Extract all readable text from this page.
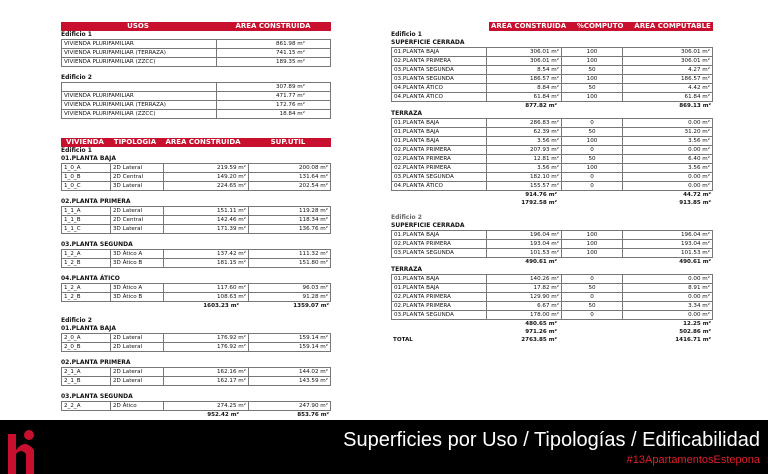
USOS	ÁREA CONSTRUIDA
Edificio 1
VIVIENDA PLURIFAMILIAR	861.98 m²
VIVIENDA PLURIFAMILIAR (TERRAZA)	741.15 m²
VIVIENDA PLURIFAMILIAR (ZZCC)	189.35 m²
Edificio 2
	307.89 m²
VIVIENDA PLURIFAMILIAR	471.77 m²
VIVIENDA PLURIFAMILIAR (TERRAZA)	172.76 m²
VIVIENDA PLURIFAMILIAR (ZZCC)	18.84 m²
VIVIENDA	TIPOLOGIA	ÁREA CONSTRUIDA	SUP.ÚTIL
Edificio 1
01.PLANTA BAJA
1_0_A	2D Lateral	219.59 m²	200.08 m²
1_0_B	2D Central	149.20 m²	131.64 m²
1_0_C	3D Lateral	224.65 m²	202.54 m²
02.PLANTA PRIMERA
1_1_A	2D Lateral	151.11 m²	119.28 m²
1_1_B	2D Central	142.46 m²	118.34 m²
1_1_C	3D Lateral	171.39 m²	136.76 m²
03.PLANTA SEGUNDA
1_2_A	3D Ático A	137.42 m²	111.32 m²
1_2_B	3D Ático B	181.15 m²	151.80 m²
04.PLANTA ÁTICO
1_2_A	3D Ático A	117.60 m²	96.03 m²
1_2_B	3D Ático B	108.63 m²	91.28 m²
	1603.23 m²	1359.07 m²
Edificio 2
01.PLANTA BAJA
2_0_A	2D Lateral	176.92 m²	159.14 m²
2_0_B	2D Lateral	176.92 m²	159.14 m²
02.PLANTA PRIMERA
2_1_A	2D Lateral	162.16 m²	144.02 m²
2_1_B	2D Lateral	162.17 m²	143.59 m²
03.PLANTA SEGUNDA
2_2_A	2D Ático	274.25 m²	247.90 m²
	952.42 m²	853.76 m²

	ÁREA CONSTRUIDA	%CÓMPUTO	ÁREA COMPUTABLE
Edificio 1
SUPERFICIE CERRADA
01.PLANTA BAJA	306.01 m²	100	306.01 m²
02.PLANTA PRIMERA	306.01 m²	100	306.01 m²
03.PLANTA SEGUNDA	8.54 m²	50	4.27 m²
03.PLANTA SEGUNDA	186.57 m²	100	186.57 m²
04.PLANTA ÁTICO	8.84 m²	50	4.42 m²
04.PLANTA ÁTICO	61.84 m²	100	61.84 m²
	877.82 m²		869.13 m²
TERRAZA
01.PLANTA BAJA	286.83 m²	0	0.00 m²
01.PLANTA BAJA	62.39 m²	50	31.20 m²
01.PLANTA BAJA	3.56 m²	100	3.56 m²
02.PLANTA PRIMERA	207.93 m²	0	0.00 m²
02.PLANTA PRIMERA	12.81 m²	50	6.40 m²
02.PLANTA PRIMERA	3.56 m²	100	3.56 m²
03.PLANTA SEGUNDA	182.10 m²	0	0.00 m²
04.PLANTA ÁTICO	155.57 m²	0	0.00 m²
	914.76 m²		44.72 m²
	1792.58 m²		913.85 m²
Edificio 2
SUPERFICIE CERRADA
01.PLANTA BAJA	196.04 m²	100	196.04 m²
02.PLANTA PRIMERA	193.04 m²	100	193.04 m²
03.PLANTA SEGUNDA	101.53 m²	100	101.53 m²
	490.61 m²		490.61 m²
TERRAZA
01.PLANTA BAJA	140.26 m²	0	0.00 m²
01.PLANTA BAJA	17.82 m²	50	8.91 m²
02.PLANTA PRIMERA	129.90 m²	0	0.00 m²
02.PLANTA PRIMERA	6.67 m²	50	3.34 m²
03.PLANTA SEGUNDA	178.00 m²	0	0.00 m²
	480.65 m²		12.25 m²
	971.26 m²		502.86 m²
TOTAL	2763.85 m²		1416.71 m²
Superficies por Uso / Tipologías / Edificabilidad
#13ApartamentosEstepona
